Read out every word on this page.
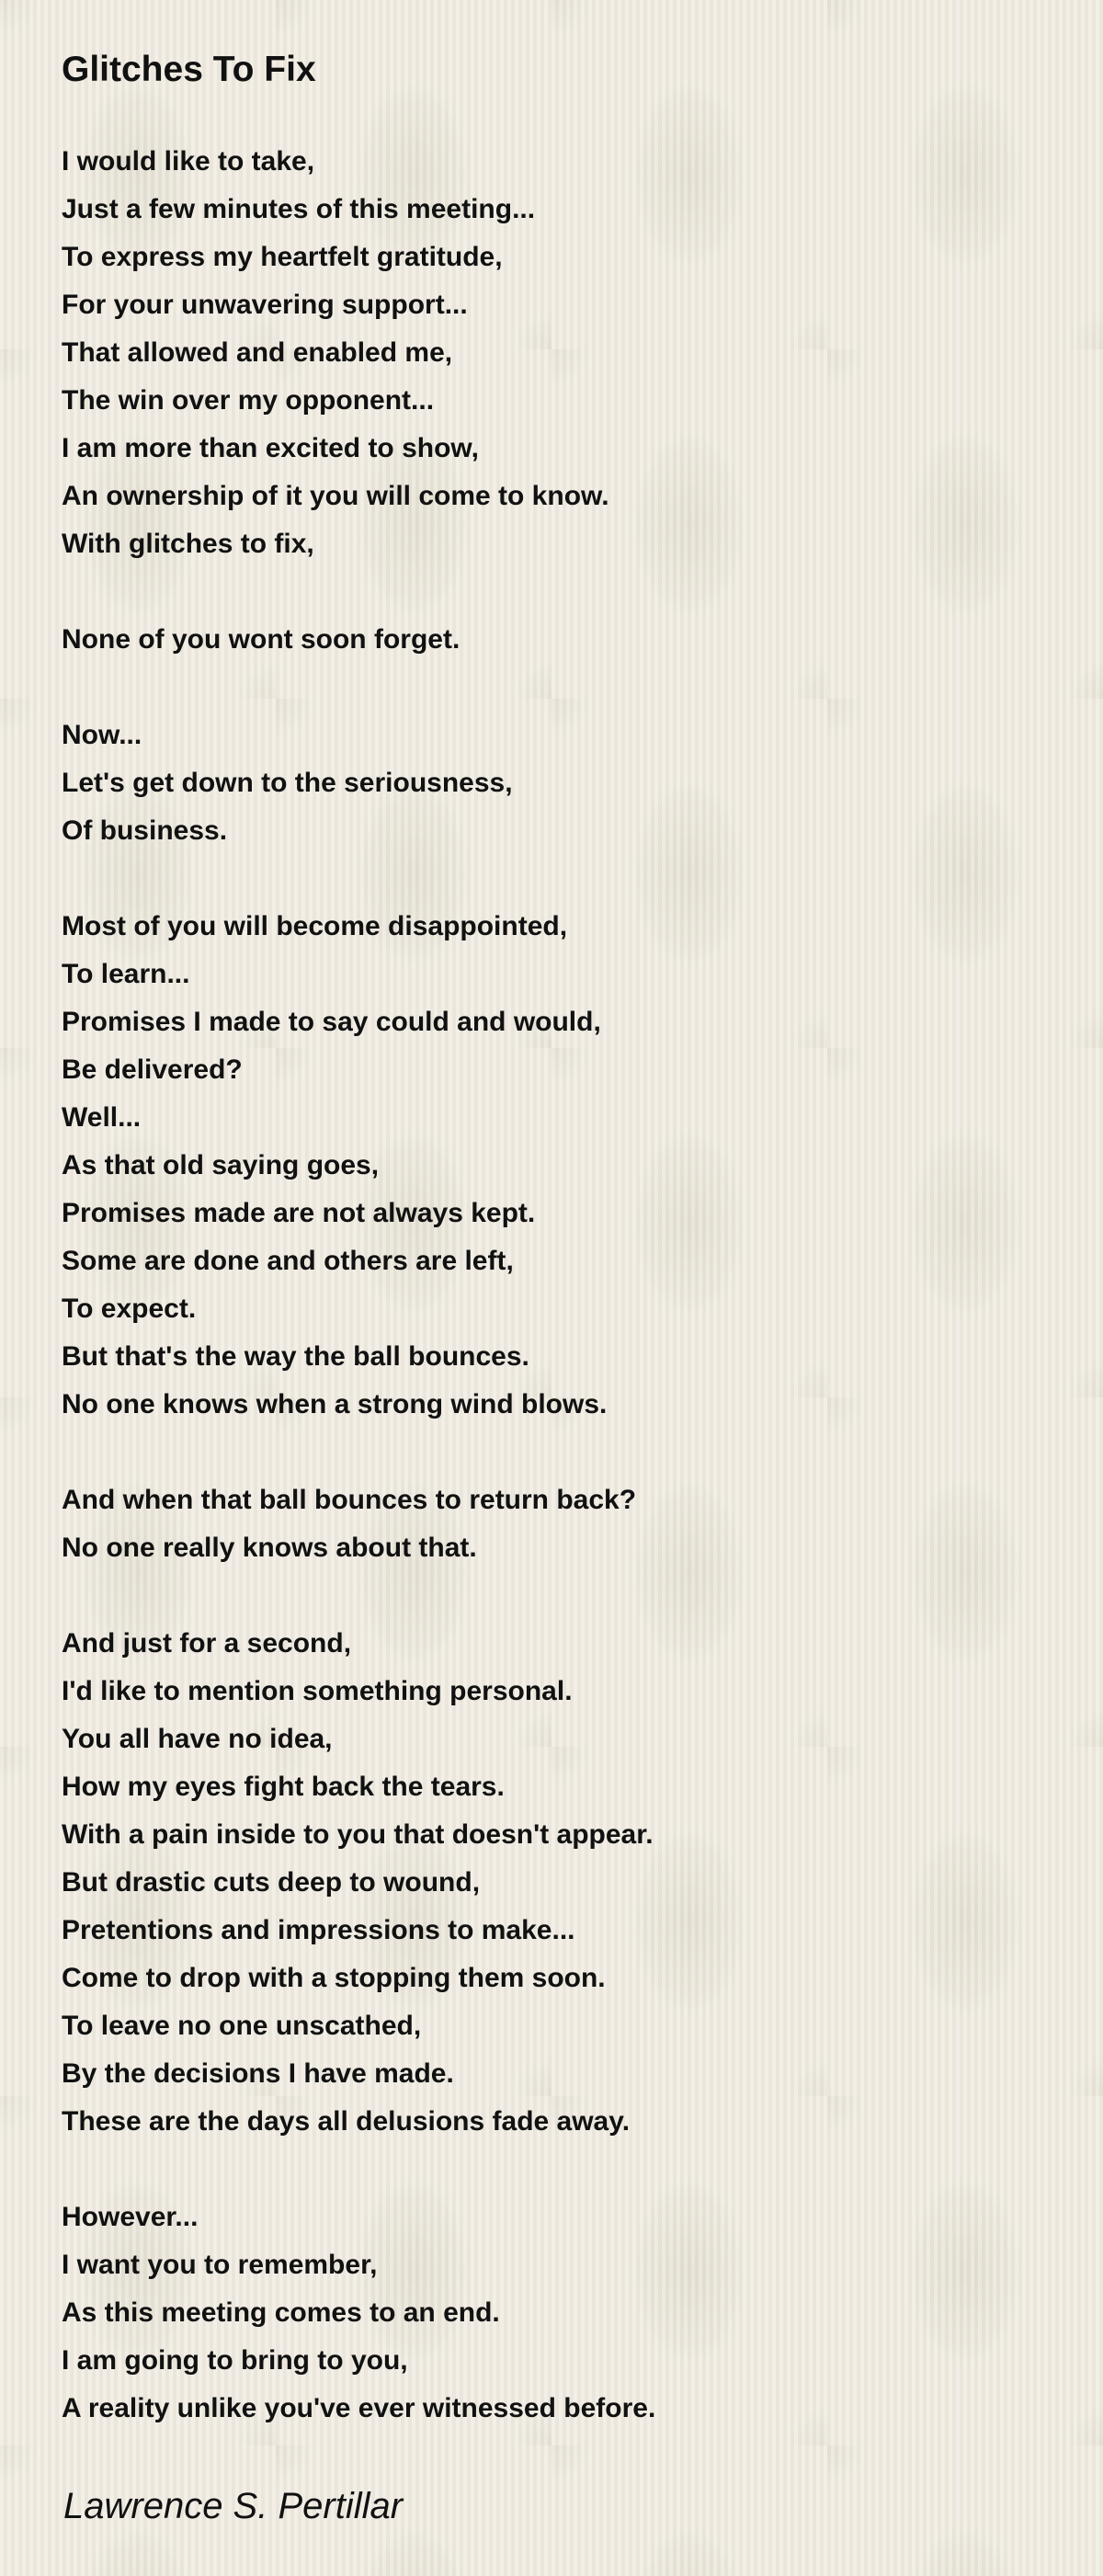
Glitches To Fix
I would like to take,
Just a few minutes of this meeting...
To express my heartfelt gratitude,
For your unwavering support...
That allowed and enabled me,
The win over my opponent...
I am more than excited to show,
An ownership of it you will come to know.
With glitches to fix,
None of you wont soon forget.
Now...
Let's get down to the seriousness,
Of business.
Most of you will become disappointed,
To learn...
Promises I made to say could and would,
Be delivered?
Well...
As that old saying goes,
Promises made are not always kept.
Some are done and others are left,
To expect.
But that's the way the ball bounces.
No one knows when a strong wind blows.
And when that ball bounces to return back?
No one really knows about that.
And just for a second,
I'd like to mention something personal.
You all have no idea,
How my eyes fight back the tears.
With a pain inside to you that doesn't appear.
But drastic cuts deep to wound,
Pretentions and impressions to make...
Come to drop with a stopping them soon.
To leave no one unscathed,
By the decisions I have made.
These are the days all delusions fade away.
However...
I want you to remember,
As this meeting comes to an end.
I am going to bring to you,
A reality unlike you've ever witnessed before.

Lawrence S. Pertillar
